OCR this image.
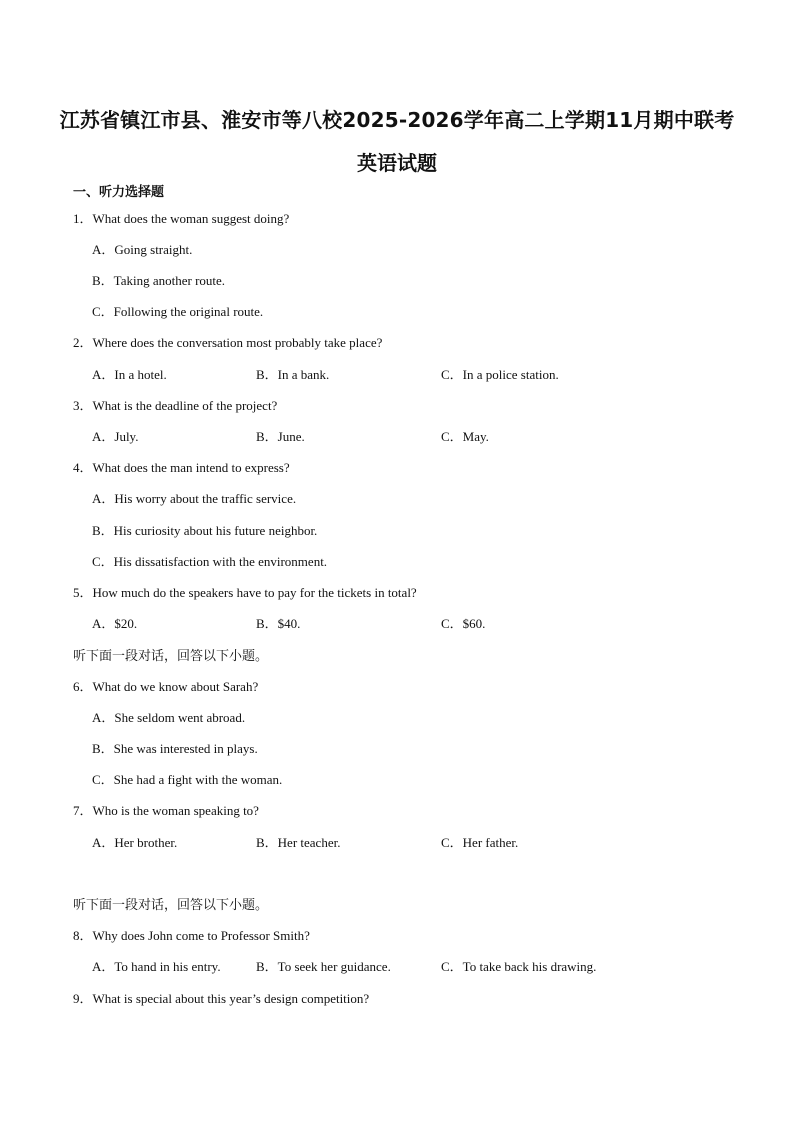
江苏省镇江市县、淮安市等八校2025-2026学年高二上学期11月期中联考
英语试题
一、听力选择题
1．What does the woman suggest doing?
A．Going straight.
B．Taking another route.
C．Following the original route.
2．Where does the conversation most probably take place?
A．In a hotel.	B．In a bank.	C．In a police station.
3．What is the deadline of the project?
A．July.	B．June.	C．May.
4．What does the man intend to express?
A．His worry about the traffic service.
B．His curiosity about his future neighbor.
C．His dissatisfaction with the environment.
5．How much do the speakers have to pay for the tickets in total?
A．$20.	B．$40.	C．$60.
听下面一段对话，回答以下小题。
6．What do we know about Sarah?
A．She seldom went abroad.
B．She was interested in plays.
C．She had a fight with the woman.
7．Who is the woman speaking to?
A．Her brother.	B．Her teacher.	C．Her father.
听下面一段对话，回答以下小题。
8．Why does John come to Professor Smith?
A．To hand in his entry.	B．To seek her guidance.	C．To take back his drawing.
9．What is special about this year’s design competition?
